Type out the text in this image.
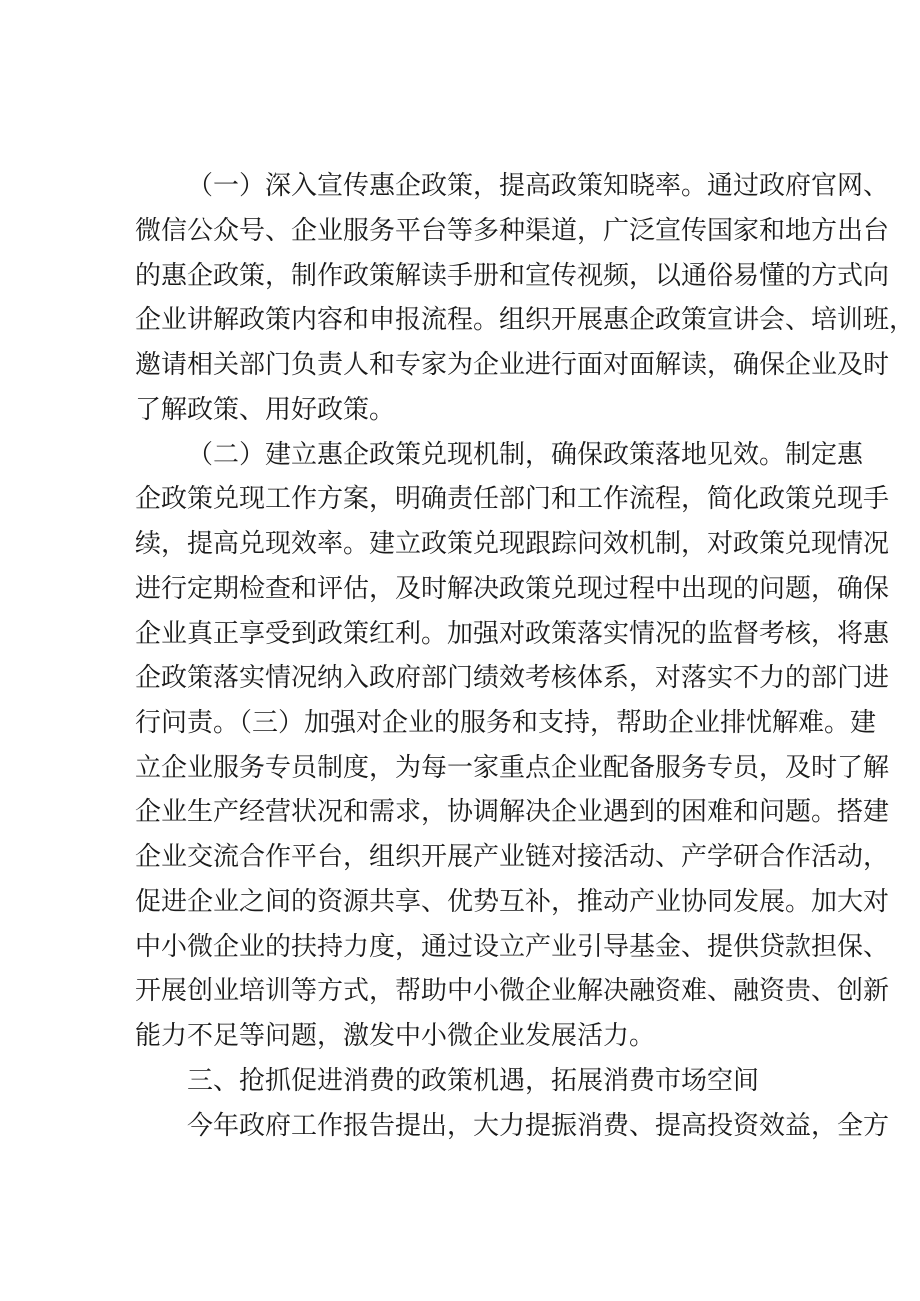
（一）深入宣传惠企政策，提高政策知晓率。通过政府官网、
微信公众号、企业服务平台等多种渠道，广泛宣传国家和地方出台
的惠企政策，制作政策解读手册和宣传视频，以通俗易懂的方式向
企业讲解政策内容和申报流程。组织开展惠企政策宣讲会、培训班，
邀请相关部门负责人和专家为企业进行面对面解读，确保企业及时
了解政策、用好政策。
（二）建立惠企政策兑现机制，确保政策落地见效。制定惠
企政策兑现工作方案，明确责任部门和工作流程，简化政策兑现手
续，提高兑现效率。建立政策兑现跟踪问效机制，对政策兑现情况
进行定期检查和评估，及时解决政策兑现过程中出现的问题，确保
企业真正享受到政策红利。加强对政策落实情况的监督考核，将惠
企政策落实情况纳入政府部门绩效考核体系，对落实不力的部门进
行问责。（三）加强对企业的服务和支持，帮助企业排忧解难。建
立企业服务专员制度，为每一家重点企业配备服务专员，及时了解
企业生产经营状况和需求，协调解决企业遇到的困难和问题。搭建
企业交流合作平台，组织开展产业链对接活动、产学研合作活动，
促进企业之间的资源共享、优势互补，推动产业协同发展。加大对
中小微企业的扶持力度，通过设立产业引导基金、提供贷款担保、
开展创业培训等方式，帮助中小微企业解决融资难、融资贵、创新
能力不足等问题，激发中小微企业发展活力。
三、抢抓促进消费的政策机遇，拓展消费市场空间
今年政府工作报告提出，大力提振消费、提高投资效益，全方
